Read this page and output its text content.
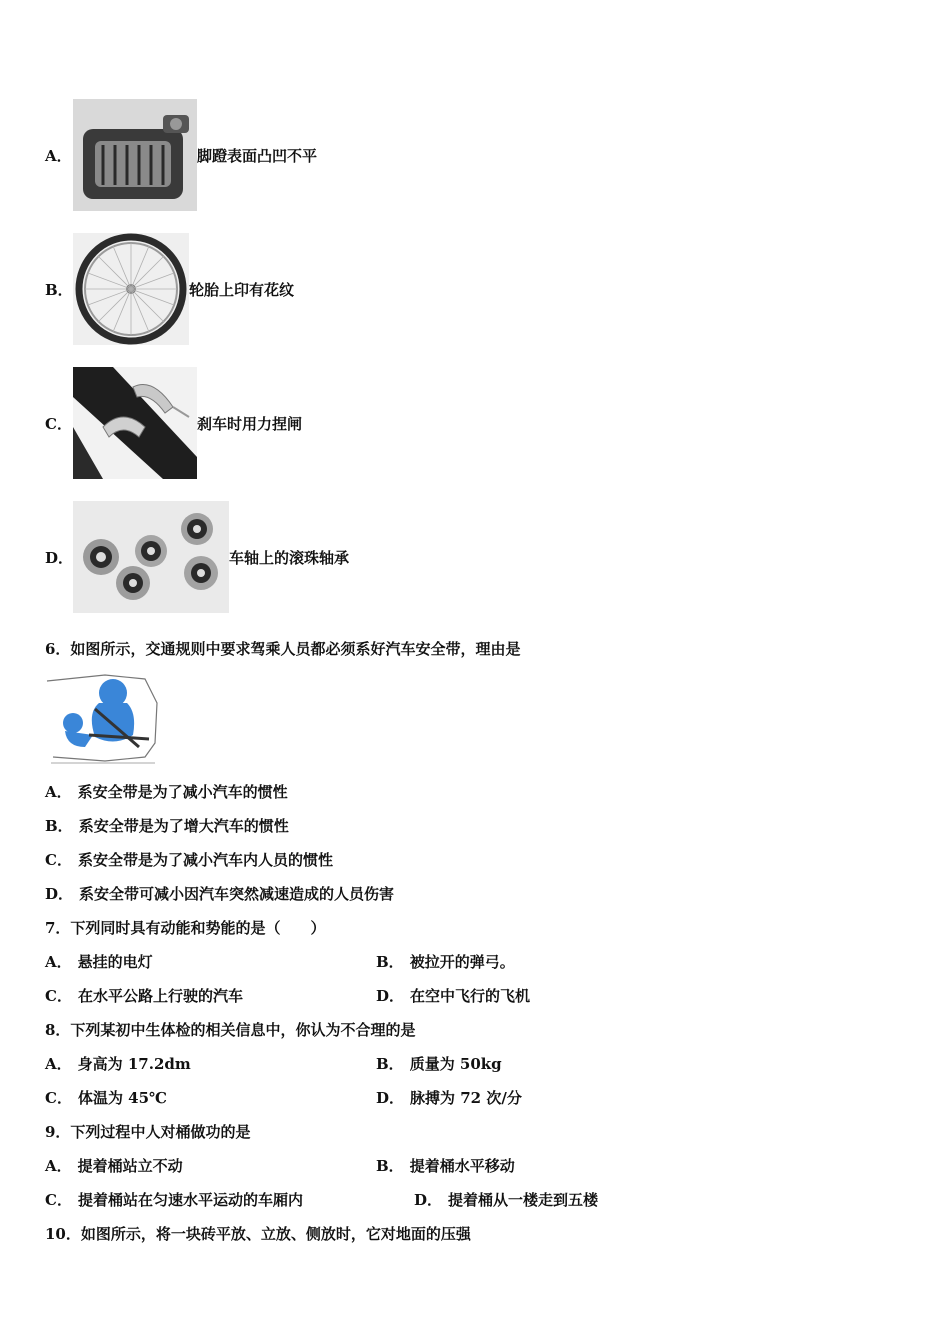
A．	脚蹬表面凸凹不平
B．	轮胎上印有花纹
C．	刹车时用力捏闸
D．	车轴上的滚珠轴承
6．如图所示，交通规则中要求驾乘人员都必须系好汽车安全带，理由是
A． 系安全带是为了减小汽车的惯性
B． 系安全带是为了增大汽车的惯性
C． 系安全带是为了减小汽车内人员的惯性
D． 系安全带可减小因汽车突然减速造成的人员伤害
7．下列同时具有动能和势能的是（　　）
A． 悬挂的电灯	B． 被拉开的弹弓。
C． 在水平公路上行驶的汽车	D． 在空中飞行的飞机
8．下列某初中生体检的相关信息中，你认为不合理的是
A． 身高为 17.2dm	B． 质量为 50kg
C． 体温为 45℃	D． 脉搏为 72 次/分
9．下列过程中人对桶做功的是
A． 提着桶站立不动	B． 提着桶水平移动
C． 提着桶站在匀速水平运动的车厢内	D． 提着桶从一楼走到五楼
10．如图所示，将一块砖平放、立放、侧放时，它对地面的压强
